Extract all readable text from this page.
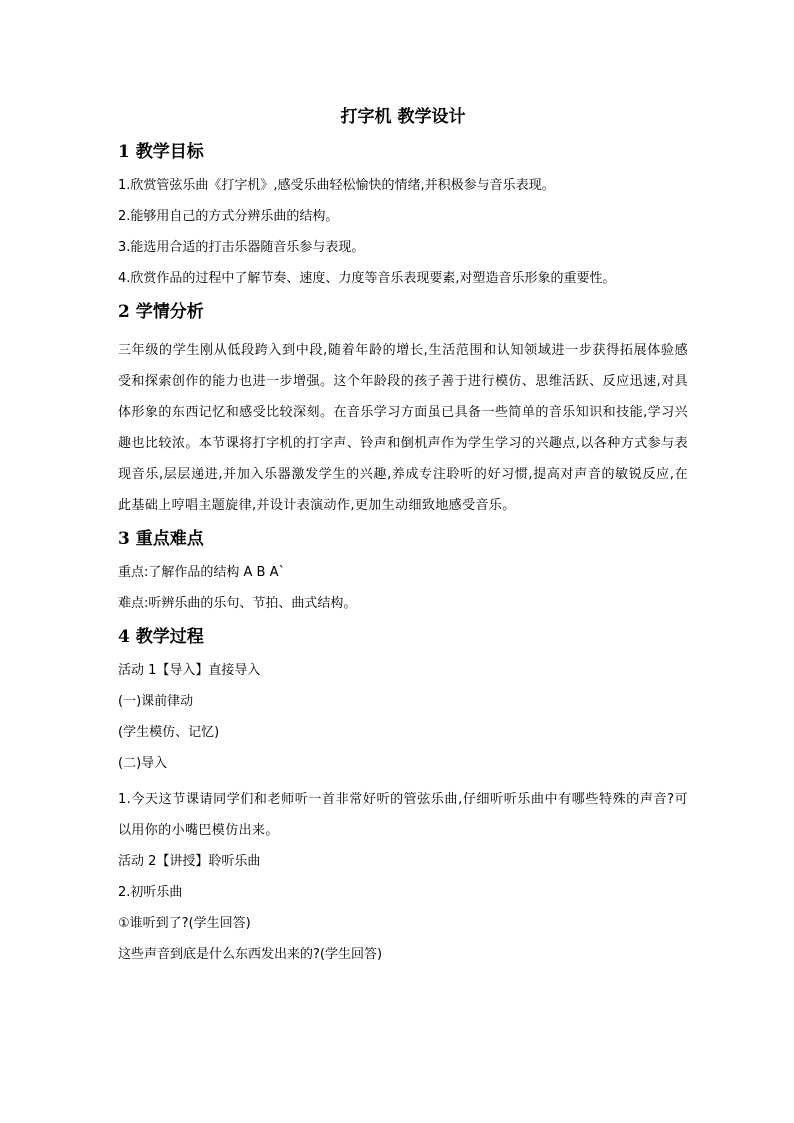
打字机 教学设计
1 教学目标
1.欣赏管弦乐曲《打字机》,感受乐曲轻松愉快的情绪,并积极参与音乐表现。
2.能够用自己的方式分辨乐曲的结构。
3.能选用合适的打击乐器随音乐参与表现。
4.欣赏作品的过程中了解节奏、速度、力度等音乐表现要素,对塑造音乐形象的重要性。
2 学情分析
三年级的学生刚从低段跨入到中段,随着年龄的增长,生活范围和认知领域进一步获得拓展体验感受和探索创作的能力也进一步增强。这个年龄段的孩子善于进行模仿、思维活跃、反应迅速,对具体形象的东西记忆和感受比较深刻。在音乐学习方面虽已具备一些简单的音乐知识和技能,学习兴趣也比较浓。本节课将打字机的打字声、铃声和倒机声作为学生学习的兴趣点,以各种方式参与表现音乐,层层递进,并加入乐器激发学生的兴趣,养成专注聆听的好习惯,提高对声音的敏锐反应,在此基础上哼唱主题旋律,并设计表演动作,更加生动细致地感受音乐。
3 重点难点
重点:了解作品的结构 A B A`
难点:听辨乐曲的乐句、节拍、曲式结构。
4 教学过程
活动 1【导入】直接导入
(一)课前律动
(学生模仿、记忆)
(二)导入
1.今天这节课请同学们和老师听一首非常好听的管弦乐曲,仔细听听乐曲中有哪些特殊的声音?可以用你的小嘴巴模仿出来。
活动 2【讲授】聆听乐曲
2.初听乐曲
①谁听到了?(学生回答)
这些声音到底是什么东西发出来的?(学生回答)
